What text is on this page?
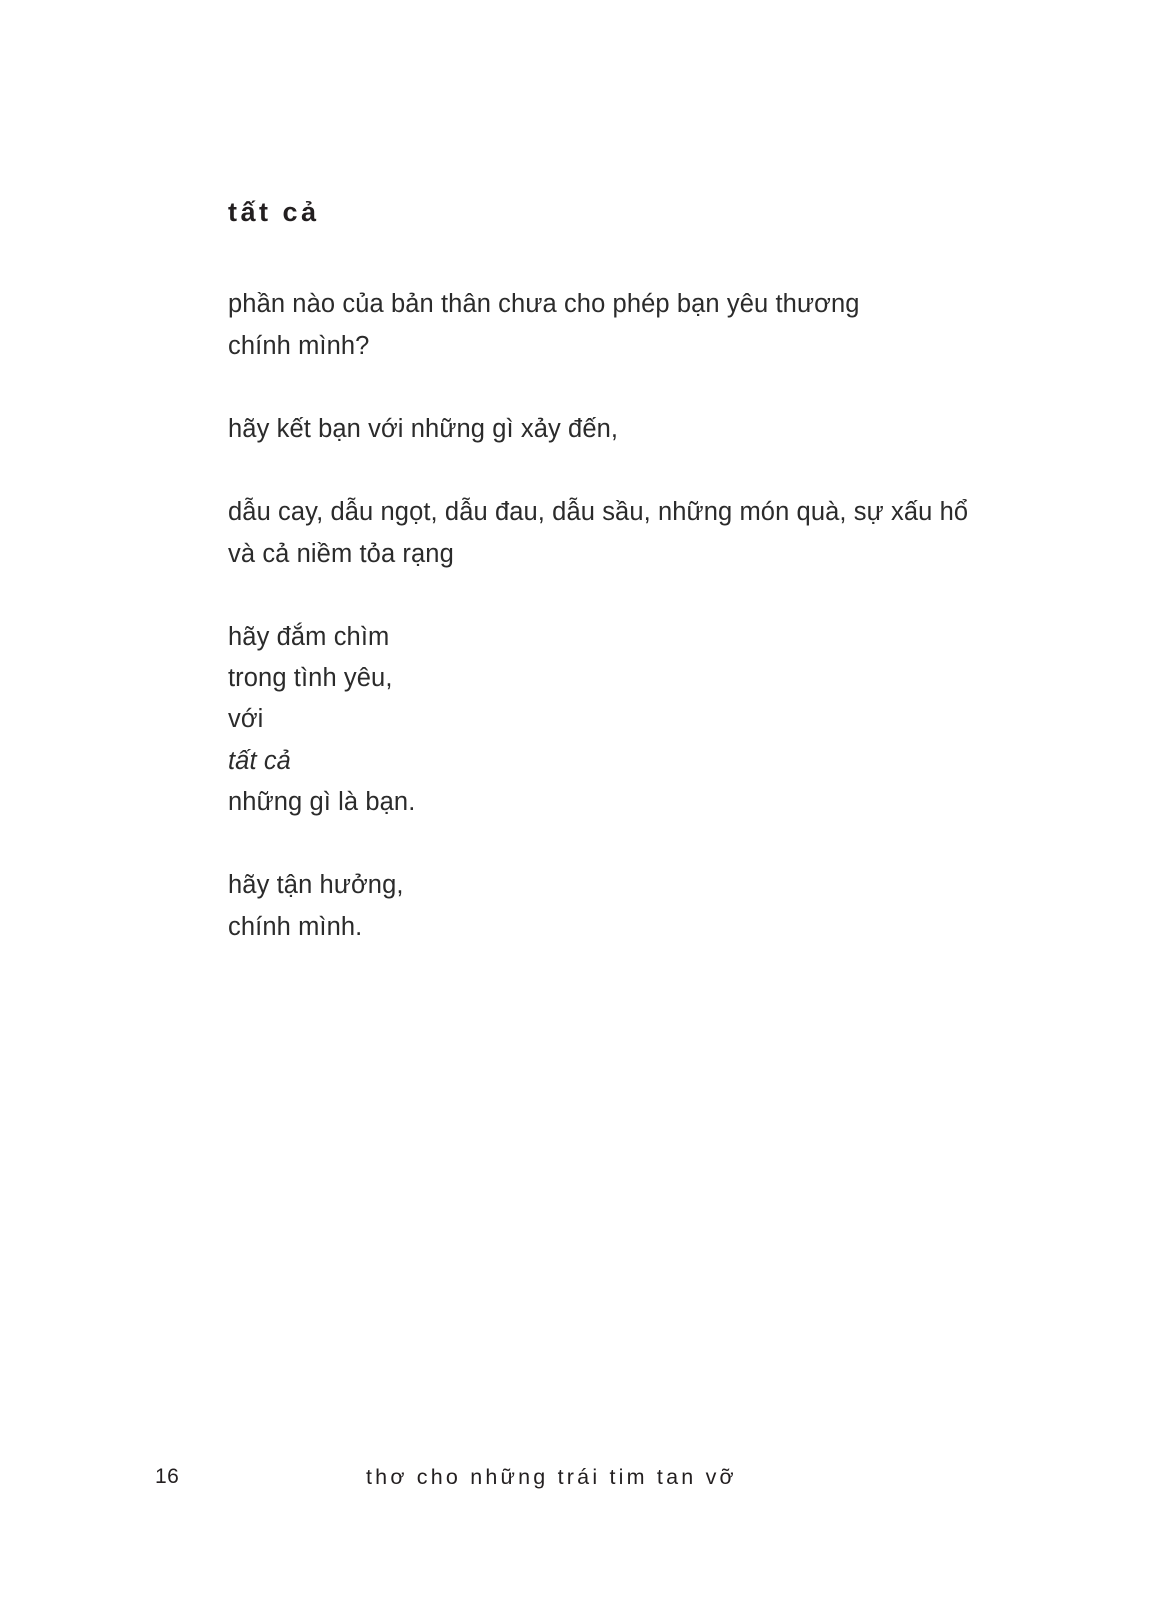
tất cả
phần nào của bản thân chưa cho phép bạn yêu thương
chính mình?
hãy kết bạn với những gì xảy đến,
dẫu cay, dẫu ngọt, dẫu đau, dẫu sầu, những món quà, sự xấu hổ
và cả niềm tỏa rạng
hãy đắm chìm
trong tình yêu,
với
tất cả
những gì là bạn.
hãy tận hưởng,
chính mình.
16	thơ cho những trái tim tan vỡ
